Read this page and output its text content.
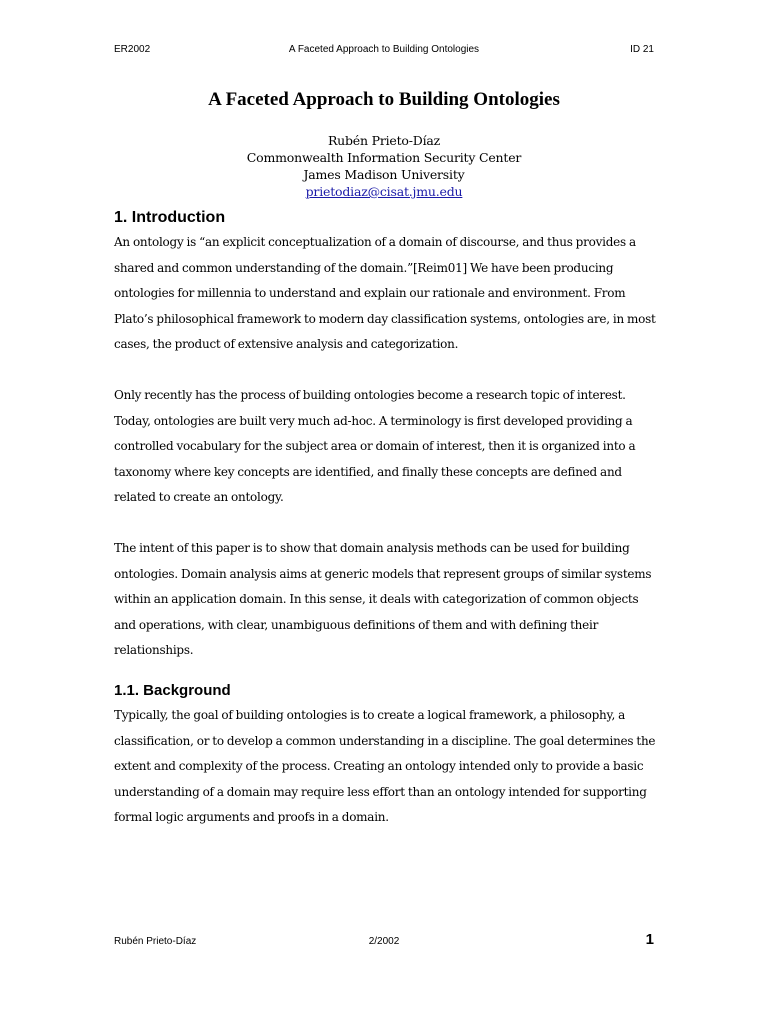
ER2002	A Faceted Approach to Building Ontologies	ID 21
A Faceted Approach to Building Ontologies
Rubén Prieto-Díaz
Commonwealth Information Security Center
James Madison University
prietodiaz@cisat.jmu.edu
1. Introduction

An ontology is “an explicit conceptualization of a domain of discourse, and thus provides a shared and common understanding of the domain.”[Reim01] We have been producing ontologies for millennia to understand and explain our rationale and environment. From Plato’s philosophical framework to modern day classification systems, ontologies are, in most cases, the product of extensive analysis and categorization.

Only recently has the process of building ontologies become a research topic of interest. Today, ontologies are built very much ad-hoc. A terminology is first developed providing a controlled vocabulary for the subject area or domain of interest, then it is organized into a taxonomy where key concepts are identified, and finally these concepts are defined and related to create an ontology.

The intent of this paper is to show that domain analysis methods can be used for building ontologies. Domain analysis aims at generic models that represent groups of similar systems within an application domain. In this sense, it deals with categorization of common objects and operations, with clear, unambiguous definitions of them and with defining their relationships.

1.1. Background

Typically, the goal of building ontologies is to create a logical framework, a philosophy, a classification, or to develop a common understanding in a discipline. The goal determines the extent and complexity of the process. Creating an ontology intended only to provide a basic understanding of a domain may require less effort than an ontology intended for supporting formal logic arguments and proofs in a domain.

Rubén Prieto-Díaz	2/2002	1
